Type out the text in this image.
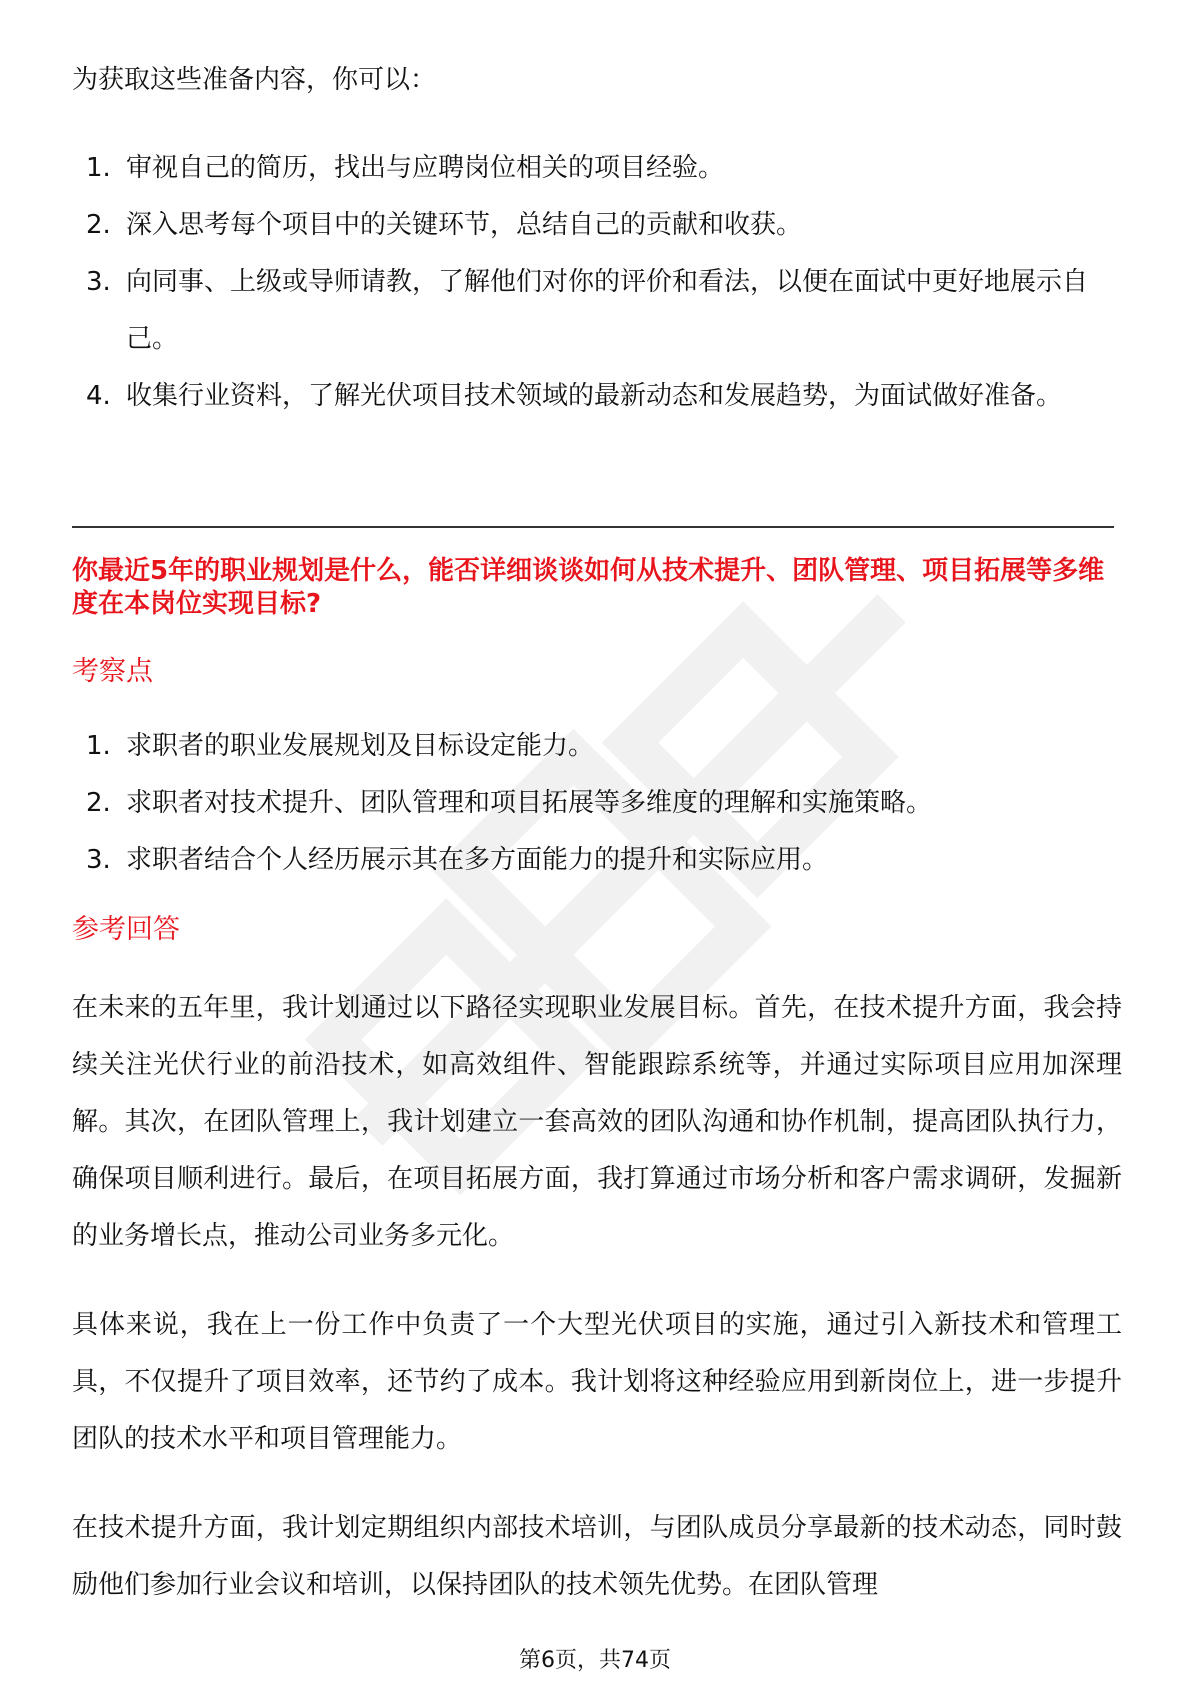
为获取这些准备内容，你可以：

1. 审视自己的简历，找出与应聘岗位相关的项目经验。
2. 深入思考每个项目中的关键环节，总结自己的贡献和收获。
3. 向同事、上级或导师请教，了解他们对你的评价和看法，以便在面试中更好地展示自己。
4. 收集行业资料，了解光伏项目技术领域的最新动态和发展趋势，为面试做好准备。
你最近5年的职业规划是什么，能否详细谈谈如何从技术提升、团队管理、项目拓展等多维度在本岗位实现目标?
考察点
1. 求职者的职业发展规划及目标设定能力。
2. 求职者对技术提升、团队管理和项目拓展等多维度的理解和实施策略。
3. 求职者结合个人经历展示其在多方面能力的提升和实际应用。
参考回答

在未来的五年里，我计划通过以下路径实现职业发展目标。首先，在技术提升方面，我会持续关注光伏行业的前沿技术，如高效组件、智能跟踪系统等，并通过实际项目应用加深理解。其次，在团队管理上，我计划建立一套高效的团队沟通和协作机制，提高团队执行力，确保项目顺利进行。最后，在项目拓展方面，我打算通过市场分析和客户需求调研，发掘新的业务增长点，推动公司业务多元化。

具体来说，我在上一份工作中负责了一个大型光伏项目的实施，通过引入新技术和管理工具，不仅提升了项目效率，还节约了成本。我计划将这种经验应用到新岗位上，进一步提升团队的技术水平和项目管理能力。

在技术提升方面，我计划定期组织内部技术培训，与团队成员分享最新的技术动态，同时鼓励他们参加行业会议和培训，以保持团队的技术领先优势。在团队管理

第6页，共74页
